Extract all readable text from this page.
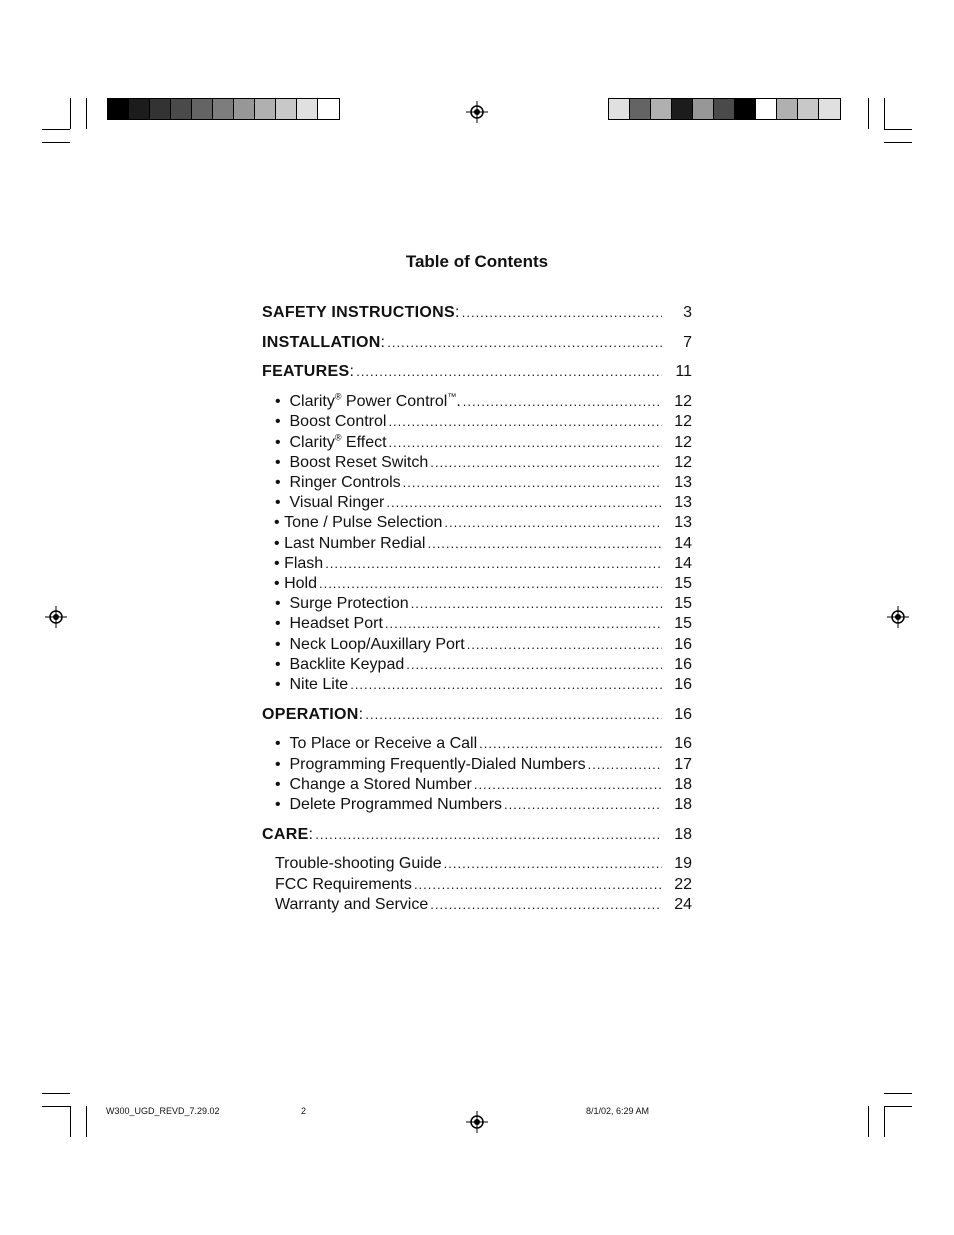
Table of Contents
SAFETY INSTRUCTIONS: .....	3
INSTALLATION: .....	7
FEATURES: .....	11
• Clarity® Power Control™. .....	12
• Boost Control .....	12
• Clarity® Effect .....	12
• Boost Reset Switch .....	12
• Ringer Controls .....	13
• Visual Ringer .....	13
• Tone / Pulse Selection .....	13
• Last Number Redial .....	14
• Flash .....	14
• Hold .....	15
• Surge Protection .....	15
• Headset Port .....	15
• Neck Loop/Auxillary Port .....	16
• Backlite Keypad .....	16
• Nite Lite .....	16
OPERATION: .....	16
• To Place or Receive a Call .....	16
• Programming Frequently-Dialed Numbers .....	17
• Change a Stored Number .....	18
• Delete Programmed Numbers .....	18
CARE: .....	18
Trouble-shooting Guide .....	19
FCC Requirements .....	22
Warranty and Service .....	24
W300_UGD_REVD_7.29.02	2	8/1/02, 6:29 AM
